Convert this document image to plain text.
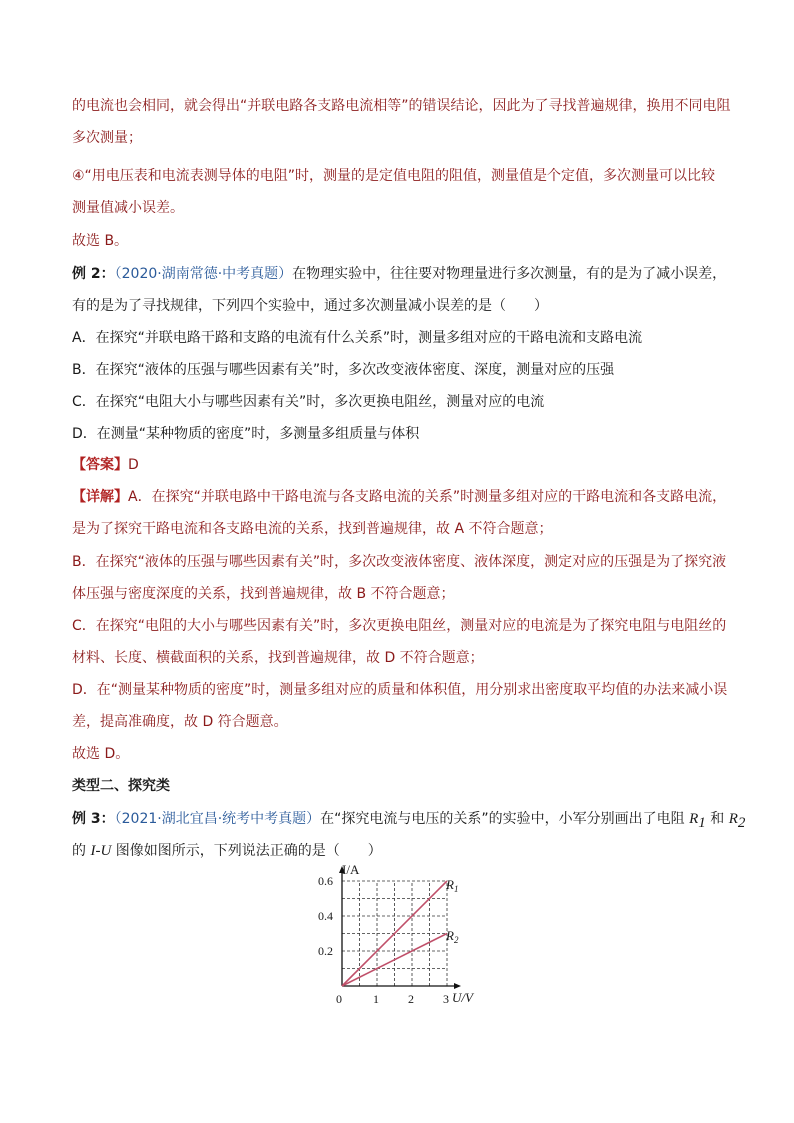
的电流也会相同，就会得出“并联电路各支路电流相等”的错误结论，因此为了寻找普遍规律，换用不同电阻
多次测量；
④“用电压表和电流表测导体的电阻”时，测量的是定值电阻的阻值，测量值是个定值，多次测量可以比较
测量值减小误差。
故选 B。
例 2：（2020·湖南常德·中考真题）在物理实验中，往往要对物理量进行多次测量，有的是为了减小误差，
有的是为了寻找规律，下列四个实验中，通过多次测量减小误差的是（　　）
A．在探究“并联电路干路和支路的电流有什么关系”时，测量多组对应的干路电流和支路电流
B．在探究“液体的压强与哪些因素有关”时，多次改变液体密度、深度，测量对应的压强
C．在探究“电阻大小与哪些因素有关”时，多次更换电阻丝，测量对应的电流
D．在测量“某种物质的密度”时，多测量多组质量与体积
【答案】D
【详解】A．在探究“并联电路中干路电流与各支路电流的关系”时测量多组对应的干路电流和各支路电流，
是为了探究干路电流和各支路电流的关系，找到普遍规律，故 A 不符合题意；
B．在探究“液体的压强与哪些因素有关”时，多次改变液体密度、液体深度，测定对应的压强是为了探究液
体压强与密度深度的关系，找到普遍规律，故 B 不符合题意；
C．在探究“电阻的大小与哪些因素有关”时，多次更换电阻丝，测量对应的电流是为了探究电阻与电阻丝的
材料、长度、横截面积的关系，找到普遍规律，故 D 不符合题意；
D．在“测量某种物质的密度”时，测量多组对应的质量和体积值，用分别求出密度取平均值的办法来减小误
差，提高准确度，故 D 符合题意。
故选 D。
类型二、探究类
例 3：（2021·湖北宜昌·统考中考真题）在“探究电流与电压的关系”的实验中，小军分别画出了电阻 $R_1$ 和 $R_2$
的 I-U 图像如图所示，下列说法正确的是（　　）
0.6
0.4
0.2
0	1 2 3
I/A
U/V
$R_1$
$R_2$
